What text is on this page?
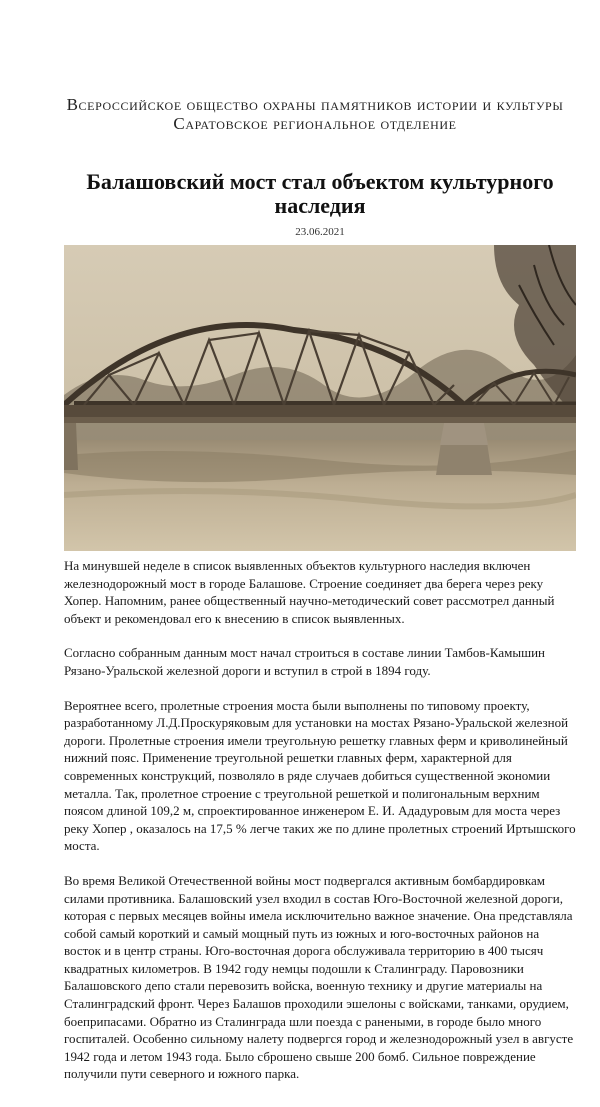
Всероссийское общество охраны памятников истории и культуры
Саратовское региональное отделение
Балашовский мост стал объектом культурного наследия
23.06.2021

На минувшей неделе в список выявленных объектов культурного наследия включен железнодорожный мост в городе Балашове. Строение соединяет два берега через реку Хопер. Напомним, ранее общественный научно-методический совет рассмотрел данный объект и рекомендовал его к внесению в список выявленных.

Согласно собранным данным мост начал строиться в составе линии Тамбов-Камышин Рязано-Уральской железной дороги и вступил в строй в 1894 году.

Вероятнее всего, пролетные строения моста были выполнены по типовому проекту, разработанному Л.Д.Проскуряковым для установки на мостах Рязано-Уральской железной дороги. Пролетные строения имели треугольную решетку главных ферм и криволинейный нижний пояс. Применение треугольной решетки главных ферм, характерной для современных конструкций, позволяло в ряде случаев добиться существенной экономии металла. Так, пролетное строение с треугольной решеткой и полигональным верхним поясом длиной 109,2 м, спроектированное инженером Е. И. Ададуровым для моста через реку Хопер , оказалось на 17,5 % легче таких же по длине пролетных строений Иртышского моста.

Во время Великой Отечественной войны мост подвергался активным бомбардировкам силами противника. Балашовский узел входил в состав Юго-Восточной железной дороги, которая с первых месяцев войны имела исключительно важное значение. Она представляла собой самый короткий и самый мощный путь из южных и юго-восточных районов на восток и в центр страны. Юго-восточная дорога обслуживала территорию в 400 тысяч квадратных километров. В 1942 году немцы подошли к Сталинграду. Паровозники Балашовского депо стали перевозить войска, военную технику и другие материалы на Сталинградский фронт. Через Балашов проходили эшелоны с войсками, танками, орудием, боеприпасами. Обратно из Сталинграда шли поезда с ранеными, в городе было много госпиталей. Особенно сильному налету подвергся город и железнодорожный узел в августе 1942 года и летом 1943 года. Было сброшено свыше 200 бомб. Сильное повреждение получили пути северного и южного парка.
